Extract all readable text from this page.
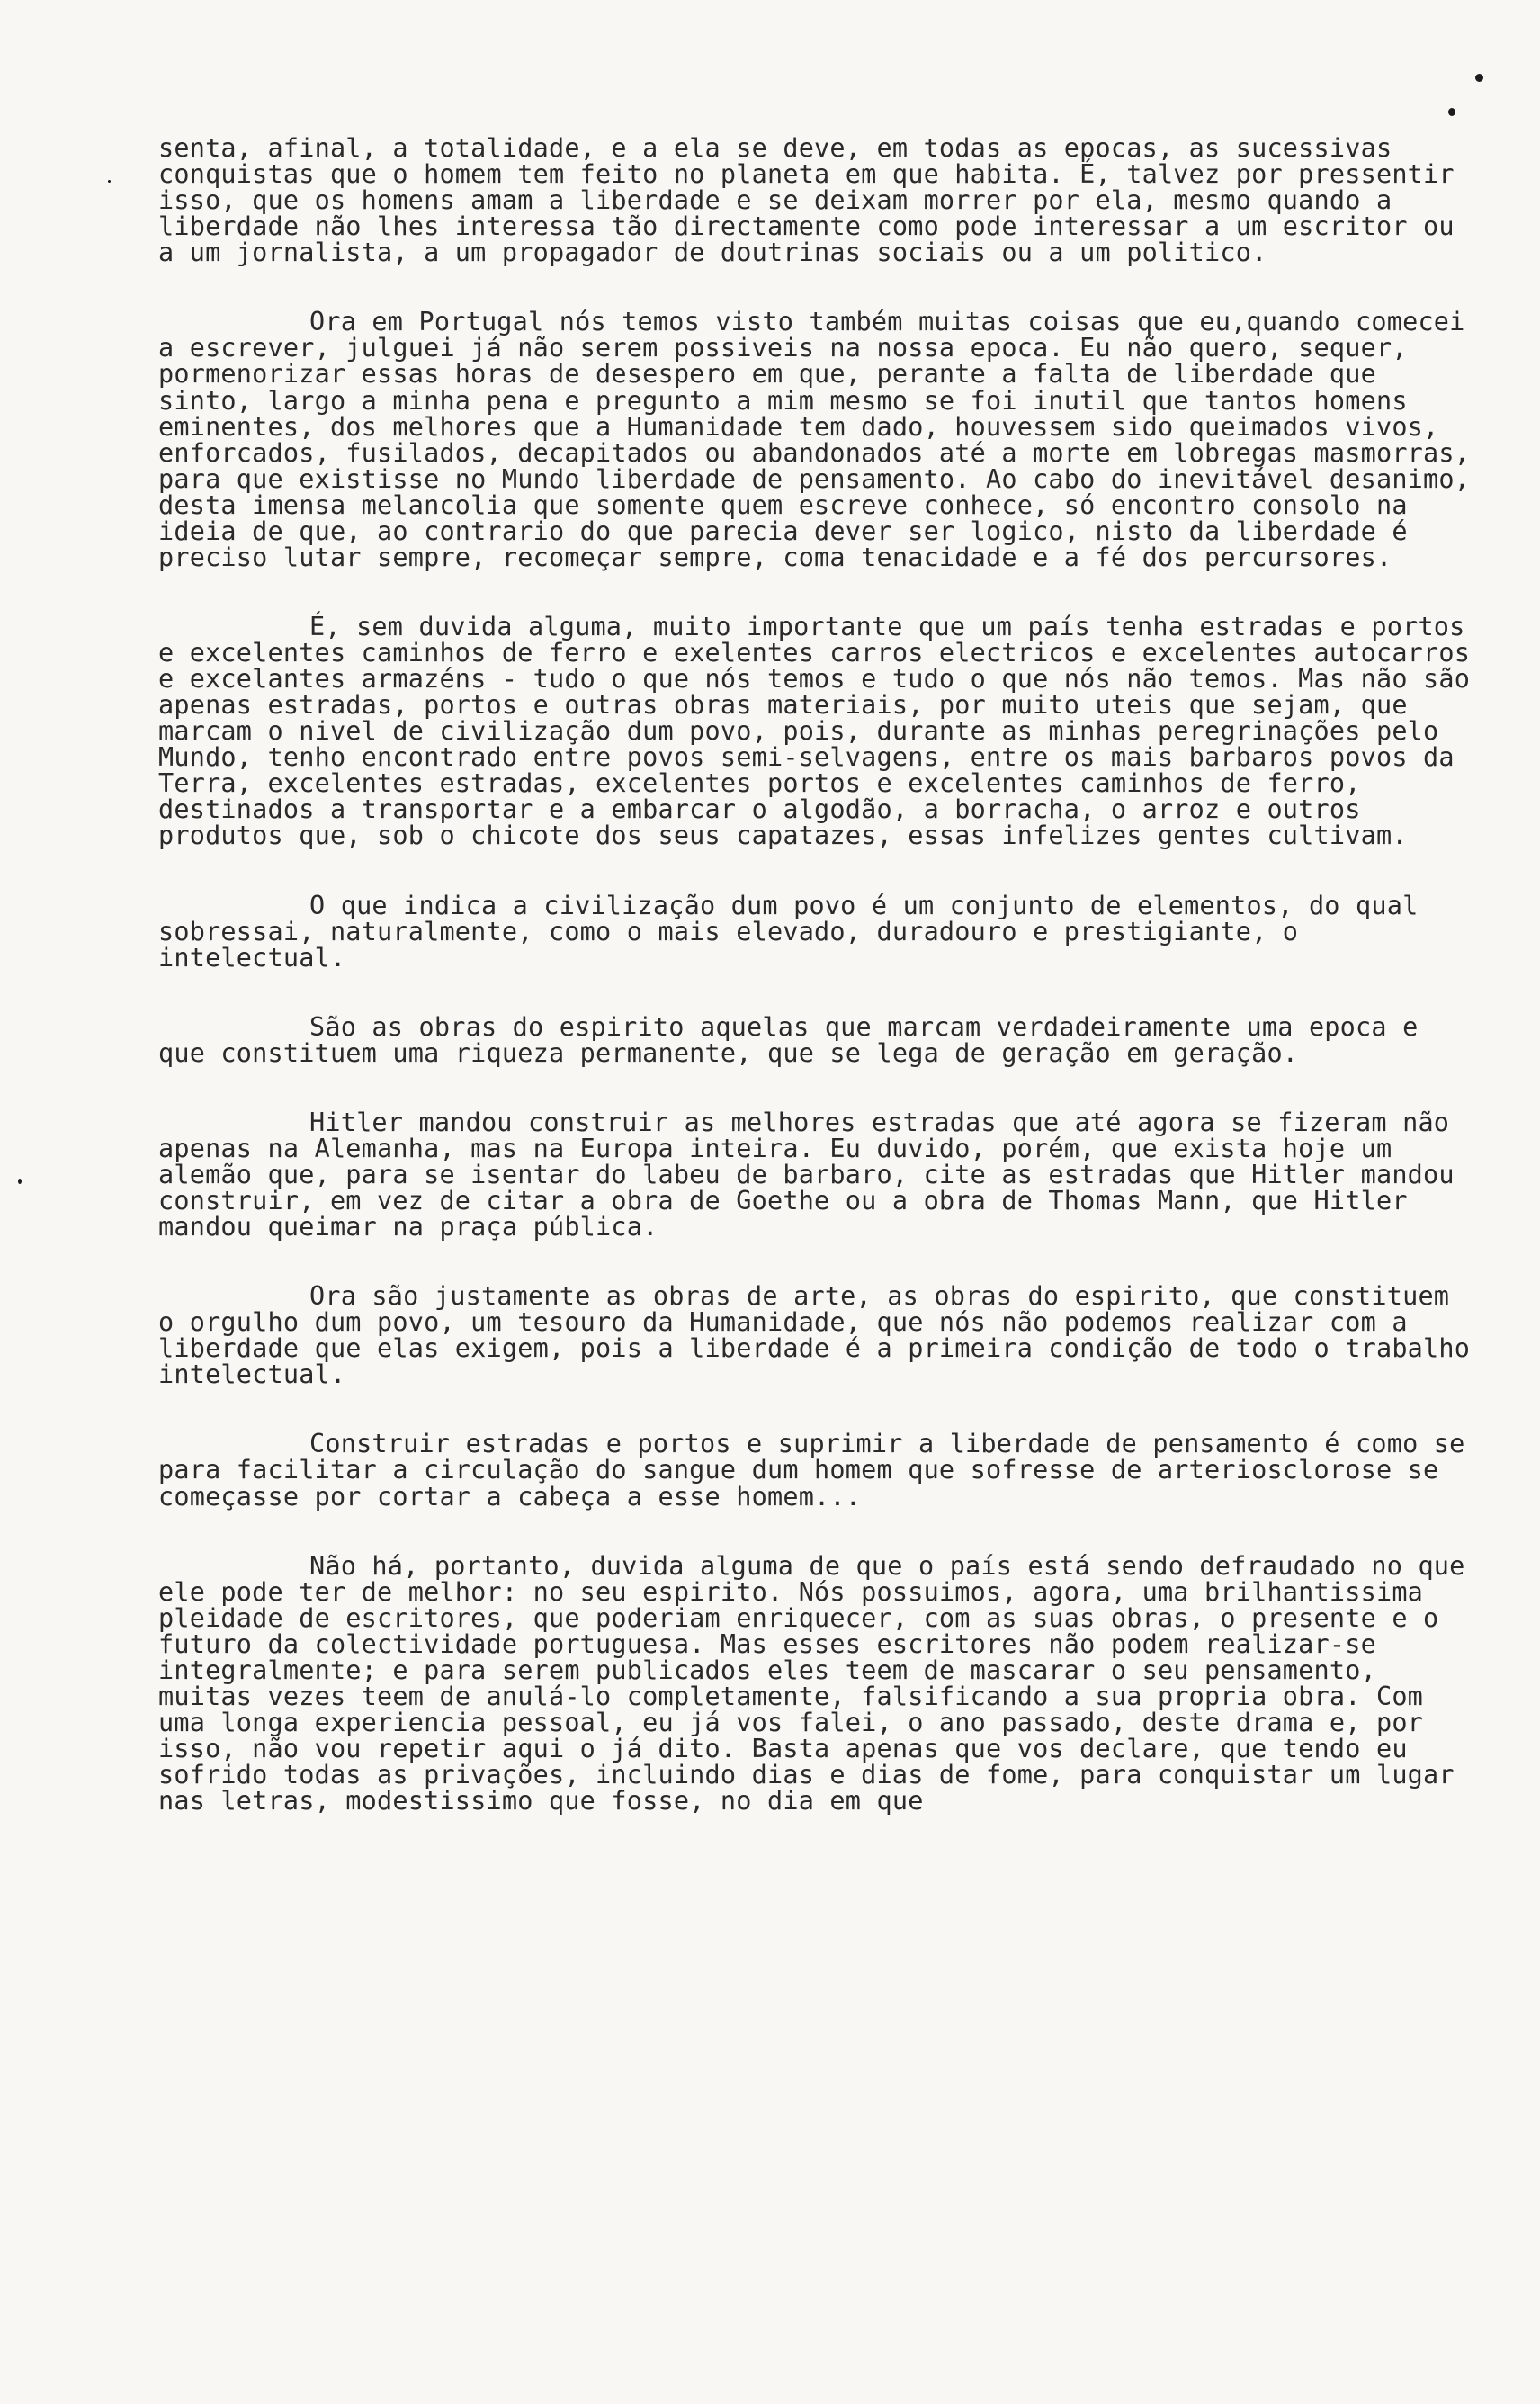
senta, afinal, a totalidade, e a ela se deve, em todas as epocas, as sucessivas conquistas que o homem tem feito no planeta em que habita. É, talvez por pressentir isso, que os homens amam a liberdade e se deixam morrer por ela, mesmo quando a liberdade não lhes interessa tão directamente como pode interessar a um escritor ou a um jornalista, a um propagador de doutrinas sociais ou a um politico.

Ora em Portugal nós temos visto também muitas coisas que eu,quando comecei a escrever, julguei já não serem possiveis na nossa epoca. Eu não quero, sequer, pormenorizar essas horas de desespero em que, perante a falta de liberdade que sinto, largo a minha pena e pregunto a mim mesmo se foi inutil que tantos homens eminentes, dos melhores que a Humanidade tem dado, houvessem sido queimados vivos, enforcados, fusilados, decapitados ou abandonados até a morte em lobregas masmorras, para que existisse no Mundo liberdade de pensamento. Ao cabo do inevitável desanimo, desta imensa melancolia que somente quem escreve conhece, só encontro consolo na ideia de que, ao contrario do que parecia dever ser logico, nisto da liberdade é preciso lutar sempre, recomeçar sempre, coma tenacidade e a fé dos percursores.

É, sem duvida alguma, muito importante que um país tenha estradas e portos e excelentes caminhos de ferro e exelentes carros electricos e excelentes autocarros e excelantes armazéns - tudo o que nós temos e tudo o que nós não temos. Mas não são apenas estradas, portos e outras obras materiais, por muito uteis que sejam, que marcam o nivel de civilização dum povo, pois, durante as minhas peregrinações pelo Mundo, tenho encontrado entre povos semi-selvagens, entre os mais barbaros povos da Terra, excelentes estradas, excelentes portos e excelentes caminhos de ferro, destinados a transportar e a embarcar o algodão, a borracha, o arroz e outros produtos que, sob o chicote dos seus capatazes, essas infelizes gentes cultivam.

O que indica a civilização dum povo é um conjunto de elementos, do qual sobressai, naturalmente, como o mais elevado, duradouro e prestigiante, o intelectual.

São as obras do espirito aquelas que marcam verdadeiramente uma epoca e que constituem uma riqueza permanente, que se lega de geração em geração.

Hitler mandou construir as melhores estradas que até agora se fizeram não apenas na Alemanha, mas na Europa inteira. Eu duvido, porém, que exista hoje um alemão que, para se isentar do labeu de barbaro, cite as estradas que Hitler mandou construir, em vez de citar a obra de Goethe ou a obra de Thomas Mann, que Hitler mandou queimar na praça pública.

Ora são justamente as obras de arte, as obras do espirito, que constituem o orgulho dum povo, um tesouro da Humanidade, que nós não podemos realizar com a liberdade que elas exigem, pois a liberdade é a primeira condição de todo o trabalho intelectual.

Construir estradas e portos e suprimir a liberdade de pensamento é como se para facilitar a circulação do sangue dum homem que sofresse de arteriosclorose se começasse por cortar a cabeça a esse homem...

Não há, portanto, duvida alguma de que o país está sendo defraudado no que ele pode ter de melhor: no seu espirito. Nós possuimos, agora, uma brilhantissima pleidade de escritores, que poderiam enriquecer, com as suas obras, o presente e o futuro da colectividade portuguesa. Mas esses escritores não podem realizar-se integralmente; e para serem publicados eles teem de mascarar o seu pensamento, muitas vezes teem de anulá-lo completamente, falsificando a sua propria obra. Com uma longa experiencia pessoal, eu já vos falei, o ano passado, deste drama e, por isso, não vou repetir aqui o já dito. Basta apenas que vos declare, que tendo eu sofrido todas as privações, incluindo dias e dias de fome, para conquistar um lugar nas letras, modestissimo que fosse, no dia em que
